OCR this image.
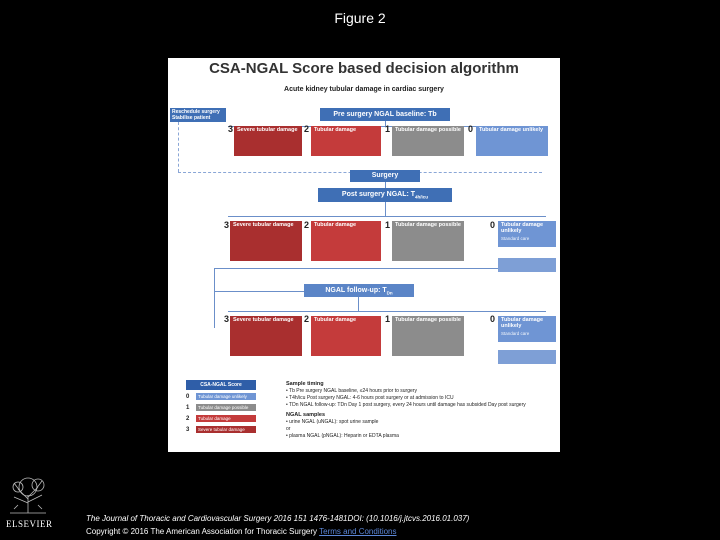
Figure 2
CSA-NGAL Score based decision algorithm
Acute kidney tubular damage in cardiac surgery
Reschedule surgery Stabilise patient	Pre surgery NGAL baseline: Tb
3 Severe tubular damage 2 Tubular damage	1 Tubular damage possible 0	Tubular damage unlikely
Surgery
Post surgery NGAL: $T_{4h/icu}$
3 Severe tubular damage	2 Tubular damage	1 Tubular damage possible	0	Tubular damage unlikely
Standard care
NGAL follow-up: $T_{Dn}$
3 Severe tubular damage	2 Tubular damage	1 Tubular damage possible	0	Tubular damage unlikely
Standard care
CSA-NGAL Score
0	Tubular damage unlikely
1	Tubular damage possible
2	Tubular damage
3	Severe tubular damage
Sample timing
• Tb Pre surgery NGAL baseline, ≤24 hours prior to surgery
• T4h/icu Post surgery NGAL: 4-6 hours post surgery or at admission to ICU
• TDn NGAL follow-up: TDn Day 1 post surgery, every 24 hours until damage has subsided Day post surgery
NGAL samples
• urine NGAL (uNGAL): spot urine sample
or
• plasma NGAL (pNGAL): Heparin or EDTA plasma
ELSEVIER
The Journal of Thoracic and Cardiovascular Surgery 2016 151 1476-1481DOI: (10.1016/j.jtcvs.2016.01.037)
Copyright © 2016 The American Association for Thoracic Surgery Terms and Conditions
